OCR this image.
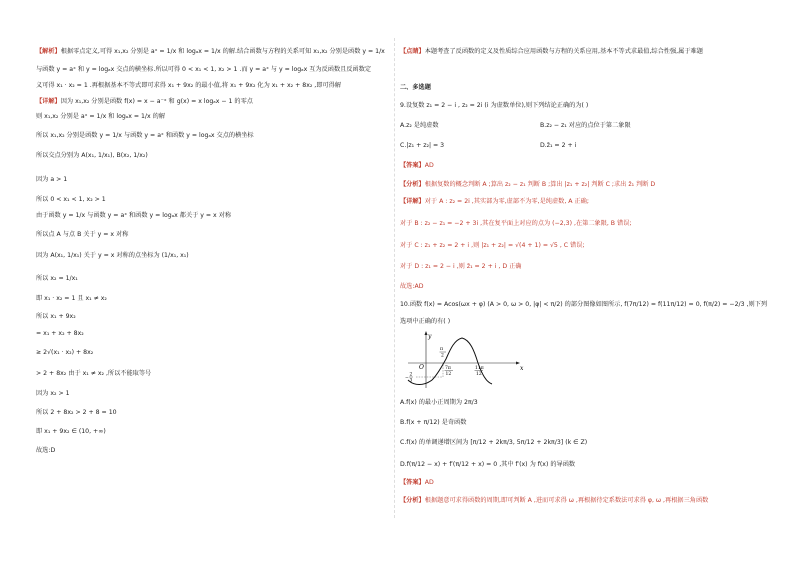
【解析】根据零点定义,可得 x₁,x₂ 分别是 aˣ = 1/x 和 logₐx = 1/x 的解.结合函数与方程的关系可知 x₁,x₂ 分别是函数 y = 1/x
与函数 y = aˣ 和 y = logₐx 交点的横坐标.所以可得 0 < x₁ < 1, x₂ > 1 .而 y = aˣ 与 y = logₐx 互为反函数且反函数定
义可得 x₁ · x₂ = 1 .再根据基本不等式即可求得 x₁ + 9x₂ 的最小值,将 x₁ + 9x₂ 化为 x₁ + x₂ + 8x₂ ,即可得解
【详解】因为 x₁,x₂ 分别是函数 f(x) = x − a⁻ˣ 和 g(x) = x logₐx − 1 的零点
则 x₁,x₂ 分别是 aˣ = 1/x 和 logₐx = 1/x 的解
所以 x₁,x₂ 分别是函数 y = 1/x 与函数 y = aˣ 和函数 y = logₐx 交点的横坐标
所以交点分别为 A(x₁, 1/x₁), B(x₂, 1/x₂)
因为 a > 1
所以 0 < x₁ < 1, x₂ > 1
由于函数 y = 1/x 与函数 y = aˣ 和函数 y = logₐx 都关于 y = x 对称
所以点 A 与点 B 关于 y = x 对称
因为 A(x₁, 1/x₁) 关于 y = x 对称的点坐标为 (1/x₁, x₁)
所以 x₂ = 1/x₁
即 x₁ · x₂ = 1 且 x₁ ≠ x₂
所以 x₁ + 9x₂
= x₁ + x₂ + 8x₂
≥ 2√(x₁ · x₂) + 8x₂
> 2 + 8x₂ 由于 x₁ ≠ x₂ ,所以不能取等号
因为 x₂ > 1
所以 2 + 8x₂ > 2 + 8 = 10
即 x₁ + 9x₂ ∈ (10, +∞)
故选:D
【点睛】本题考查了反函数的定义及性质综合应用函数与方程的关系应用,基本不等式求最值,综合性强,属于难题
二、多选题
9.设复数 z₁ = 2 − i , z₂ = 2i (i 为虚数单位),则下列结论正确的为( )
A.z₂ 是纯虚数	B.z₂ − z₁ 对应的点位于第二象限
C.|z₁ + z₂| = 3	D.z̄₁ = 2 + i
【答案】AD
【分析】根据复数的概念判断 A ;算出 z₂ − z₁ 判断 B ;算出 |z₁ + z₂| 判断 C ;求出 z̄₁ 判断 D
【详解】对于 A : z₂ = 2i ,其实部为零,虚部不为零,是纯虚数, A 正确;
对于 B : z₂ − z₁ = −2 + 3i ,其在复平面上对应的点为 (−2,3) ,在第二象限, B 错误;
对于 C : z₁ + z₂ = 2 + i ,则 |z₁ + z₂| = √(4 + 1) = √5 , C 错误;
对于 D : z₁ = 2 − i ,则 z̄₁ = 2 + i , D 正确
故选:AD
10.函数 f(x) = Acos(ωx + φ) (A > 0, ω > 0, |φ| < π/2) 的部分图像如图所示, f(7π/12) = f(11π/12) = 0, f(π/2) = −2/3 ,则下列
选项中正确的有( )
y
x
O
π
2
7π
12
11π
12
−
2
3
A.f(x) 的最小正周期为 2π/3
B.f(x + π/12) 是奇函数
C.f(x) 的单调递增区间为 [π/12 + 2kπ/3, 5π/12 + 2kπ/3] (k ∈ Z)
D.f(π/12 − x) + f′(π/12 + x) = 0 ,其中 f′(x) 为 f(x) 的导函数
【答案】AD
【分析】根据题意可求得函数的周期,即可判断 A ,进而可求得 ω ,再根据待定系数法可求得 φ, ω ,再根据三角函数
